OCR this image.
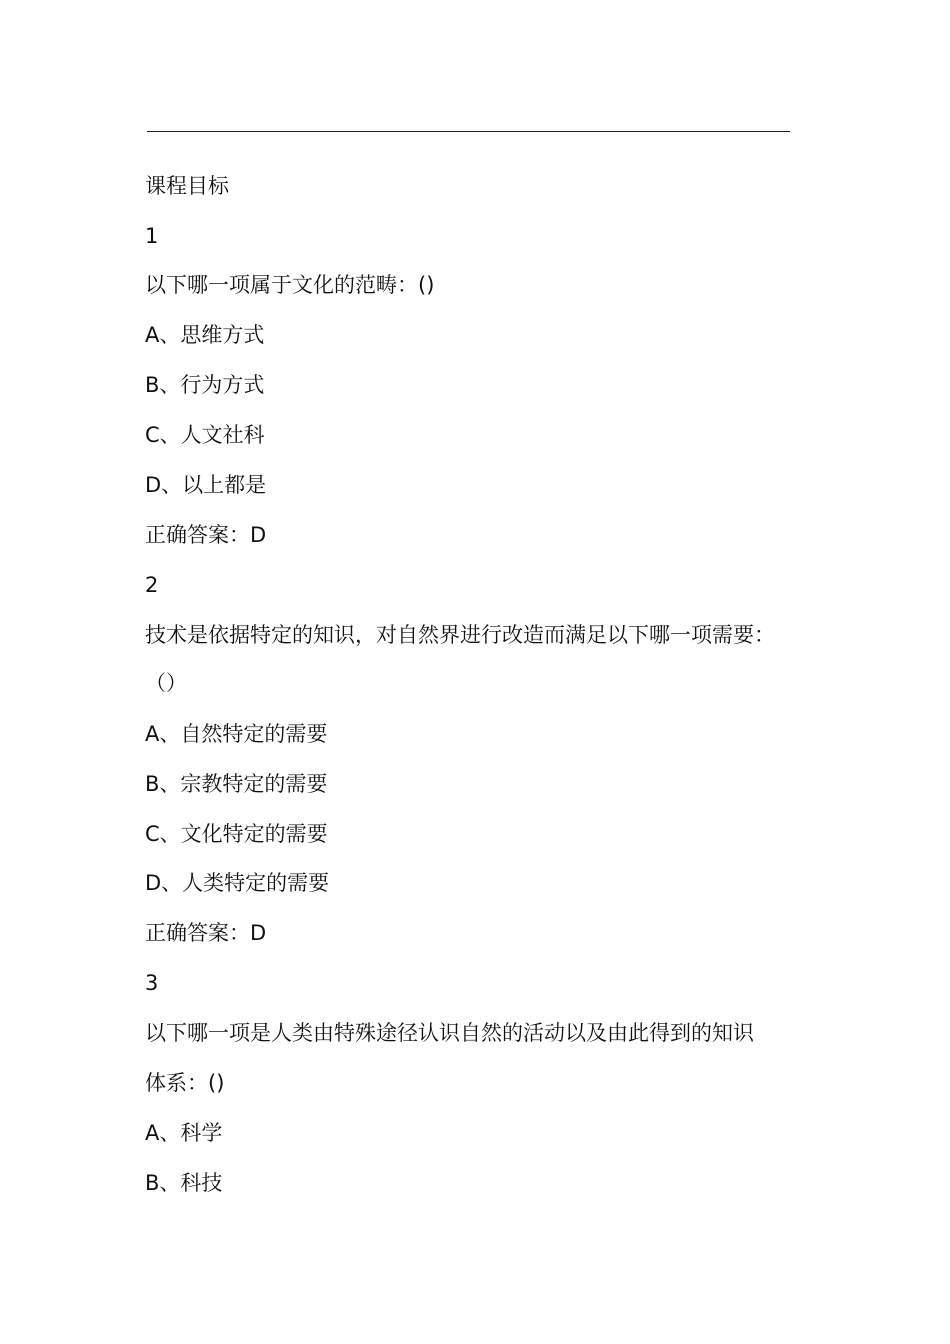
课程目标
1
以下哪一项属于文化的范畴：()
A、思维方式
B、行为方式
C、人文社科
D、以上都是
正确答案：D
2
技术是依据特定的知识，对自然界进行改造而满足以下哪一项需要：
（）
A、自然特定的需要
B、宗教特定的需要
C、文化特定的需要
D、人类特定的需要
正确答案：D
3
以下哪一项是人类由特殊途径认识自然的活动以及由此得到的知识
体系：()
A、科学
B、科技
